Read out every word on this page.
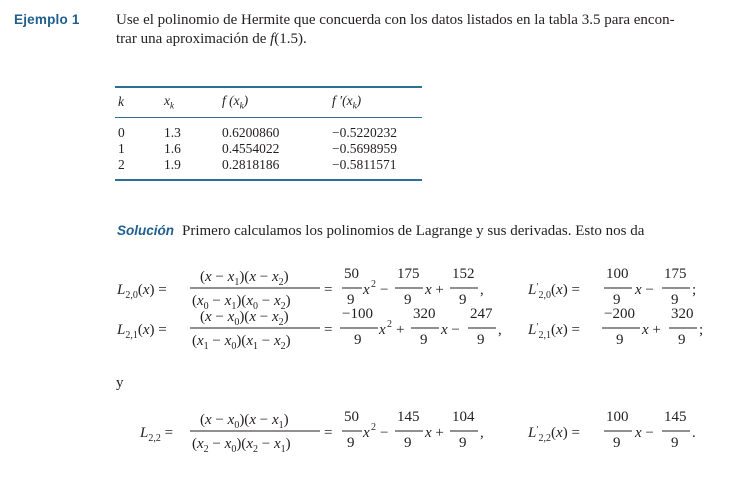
Ejemplo 1 Use el polinomio de Hermite que concuerda con los datos listados en la tabla 3.5 para encon-

trar una aproximación de f(1.5).

k	$x_k$	f $(x_k)$	f $'(x_k)$
0	1.3	0.6200860	−0.5220232
1	1.6	0.4554022	−0.5698959
2	1.9	0.2818186	−0.5811571
Solución Primero calculamos los polinomios de Lagrange y sus derivadas. Esto nos da
$L_{2,0}(x)$ =
$(x - x_1)(x - x_2)$
$(x_0 - x_1)(x_0 - x_2)$
=
50
9
x 2 −
175
9
x +
152
9
,	$L'_{2,0}(x)$ =
100
9
x −
175
9
;
$L_{2,1}(x)$ =
$(x - x_0)(x - x_2)$
$(x_1 - x_0)(x_1 - x_2)$
=
−100
9
x 2 +
320
9
x −
247
9
, $L'_{2,1}(x)$ =
−200
9
x +
320
9
;
$L_{2,2}$ =
$(x - x_0)(x - x_1)$
$(x_2 - x_0)(x_2 - x_1)$
=
50
9
x 2 −
145
9
x +
104
9
,	$L'_{2,2}(x)$ =
100
9
x −
145
9
.
y
